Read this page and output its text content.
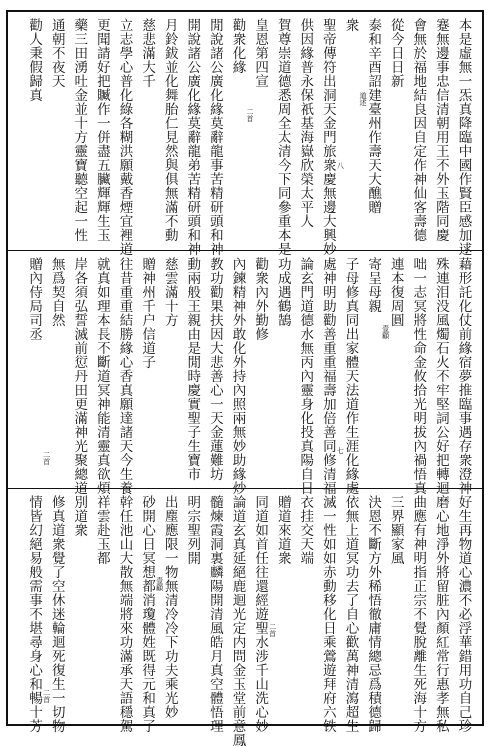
本是虛無一炁真降臨中國作賢臣感加逑
蹇無邊事忠信清朝用王不外玉階同慶
會無於福地結良因自定作神仙客壽德
從今日日新
泰和辛酉詔建臺州作壽天大醮贈
衆
聖帝傳符出洞天金門旅衆慶無邊大興妙
供因緣普永保祇基海嶽欣榮太平人
賀尊崇道德悉周全太清今下同參重本是
皇恩第四宣
勸衆化緣
閒說諸公廣化緣莫辭龍事苦精研頭和神
開說諸公廣化緣莫辭龍弟苦精研頭和神
月鈴鈸並化舞胎仁見然與俱無滿不動
慈悲滿大千
立志學心普化綠各糊洪願戴香煙宜裡道
更聞請好把贓作一併盡五臟輝輝生玉
藥三田湧吐金並十方靈寶聽空起一性
通朝不夜天
勸人秉假歸真
二首
道述
八
藉形託化仗前緣宿夢推臨事遇存衆澄神
殊連泪没風燭石火不牢堅詞公好把轉迴
咄一志冥將性命金攸拾光明拔內禍悟真
連本復周圓
寄呈母親
子母修真同出家體天法道作生涯化緣處
處神明助勸善重重福壽加倍善同修清福
論玄門道德水無丙內靈身化投真陽自日
功成遇鶴鵠
勸衆內外勤修
內鍊精神外敢化外持內照兩無妙助緣炒
教功勸果扶因大悲善心一天金蓮難坊
動兩般王親由是閒時慶實聖子生寶市
慈雲滿十方
贈神州千户信道子
往昔重重結勝緣心香真願達諸天今生養
就真如理本長不斷道冥神能清靈真欲煩
岸各須弘誓滅前愆丹田更滿神光聚總道
無爲契自然
贈內侍局司丞
二首
壹顧
七
好生再物道心濃不必浮華錯用功自己珍
磨心地淨外將留脏內顏紅常行惠孝無私
曲應有神明指正宗不覺脫離生死海十方
三界顯家風
決恩不斷方外稀悟徹庸情總忌爲積德歸
依無上道冥功去了自心歡萬神清瀉超生
滅一性如如赤動移化日乘鶯遊拜府六铁
衣挂交天端
贈道來道衆
同道如首任往還經遊聖水涉千山洗心妙
論道玄真延絕鹿迴光定内問金玉堂前意鳳
髓煉霞洞裏麟陽開清風皓月真空體悟理
明宗聖列開
出塵應限一物無清冷冷下功夫乘光妙
砂開心日冥想都消瓊體姓既得元和真了
幹任池山大散無端將來功滿承天語穩駕
祥雲赴玉都
別道衆
修真道衆覺了空休迷輪迴死復生一切物
情皆幻絕易般需事不堪尋身心和暢十芳	二首
壹顧
二首
